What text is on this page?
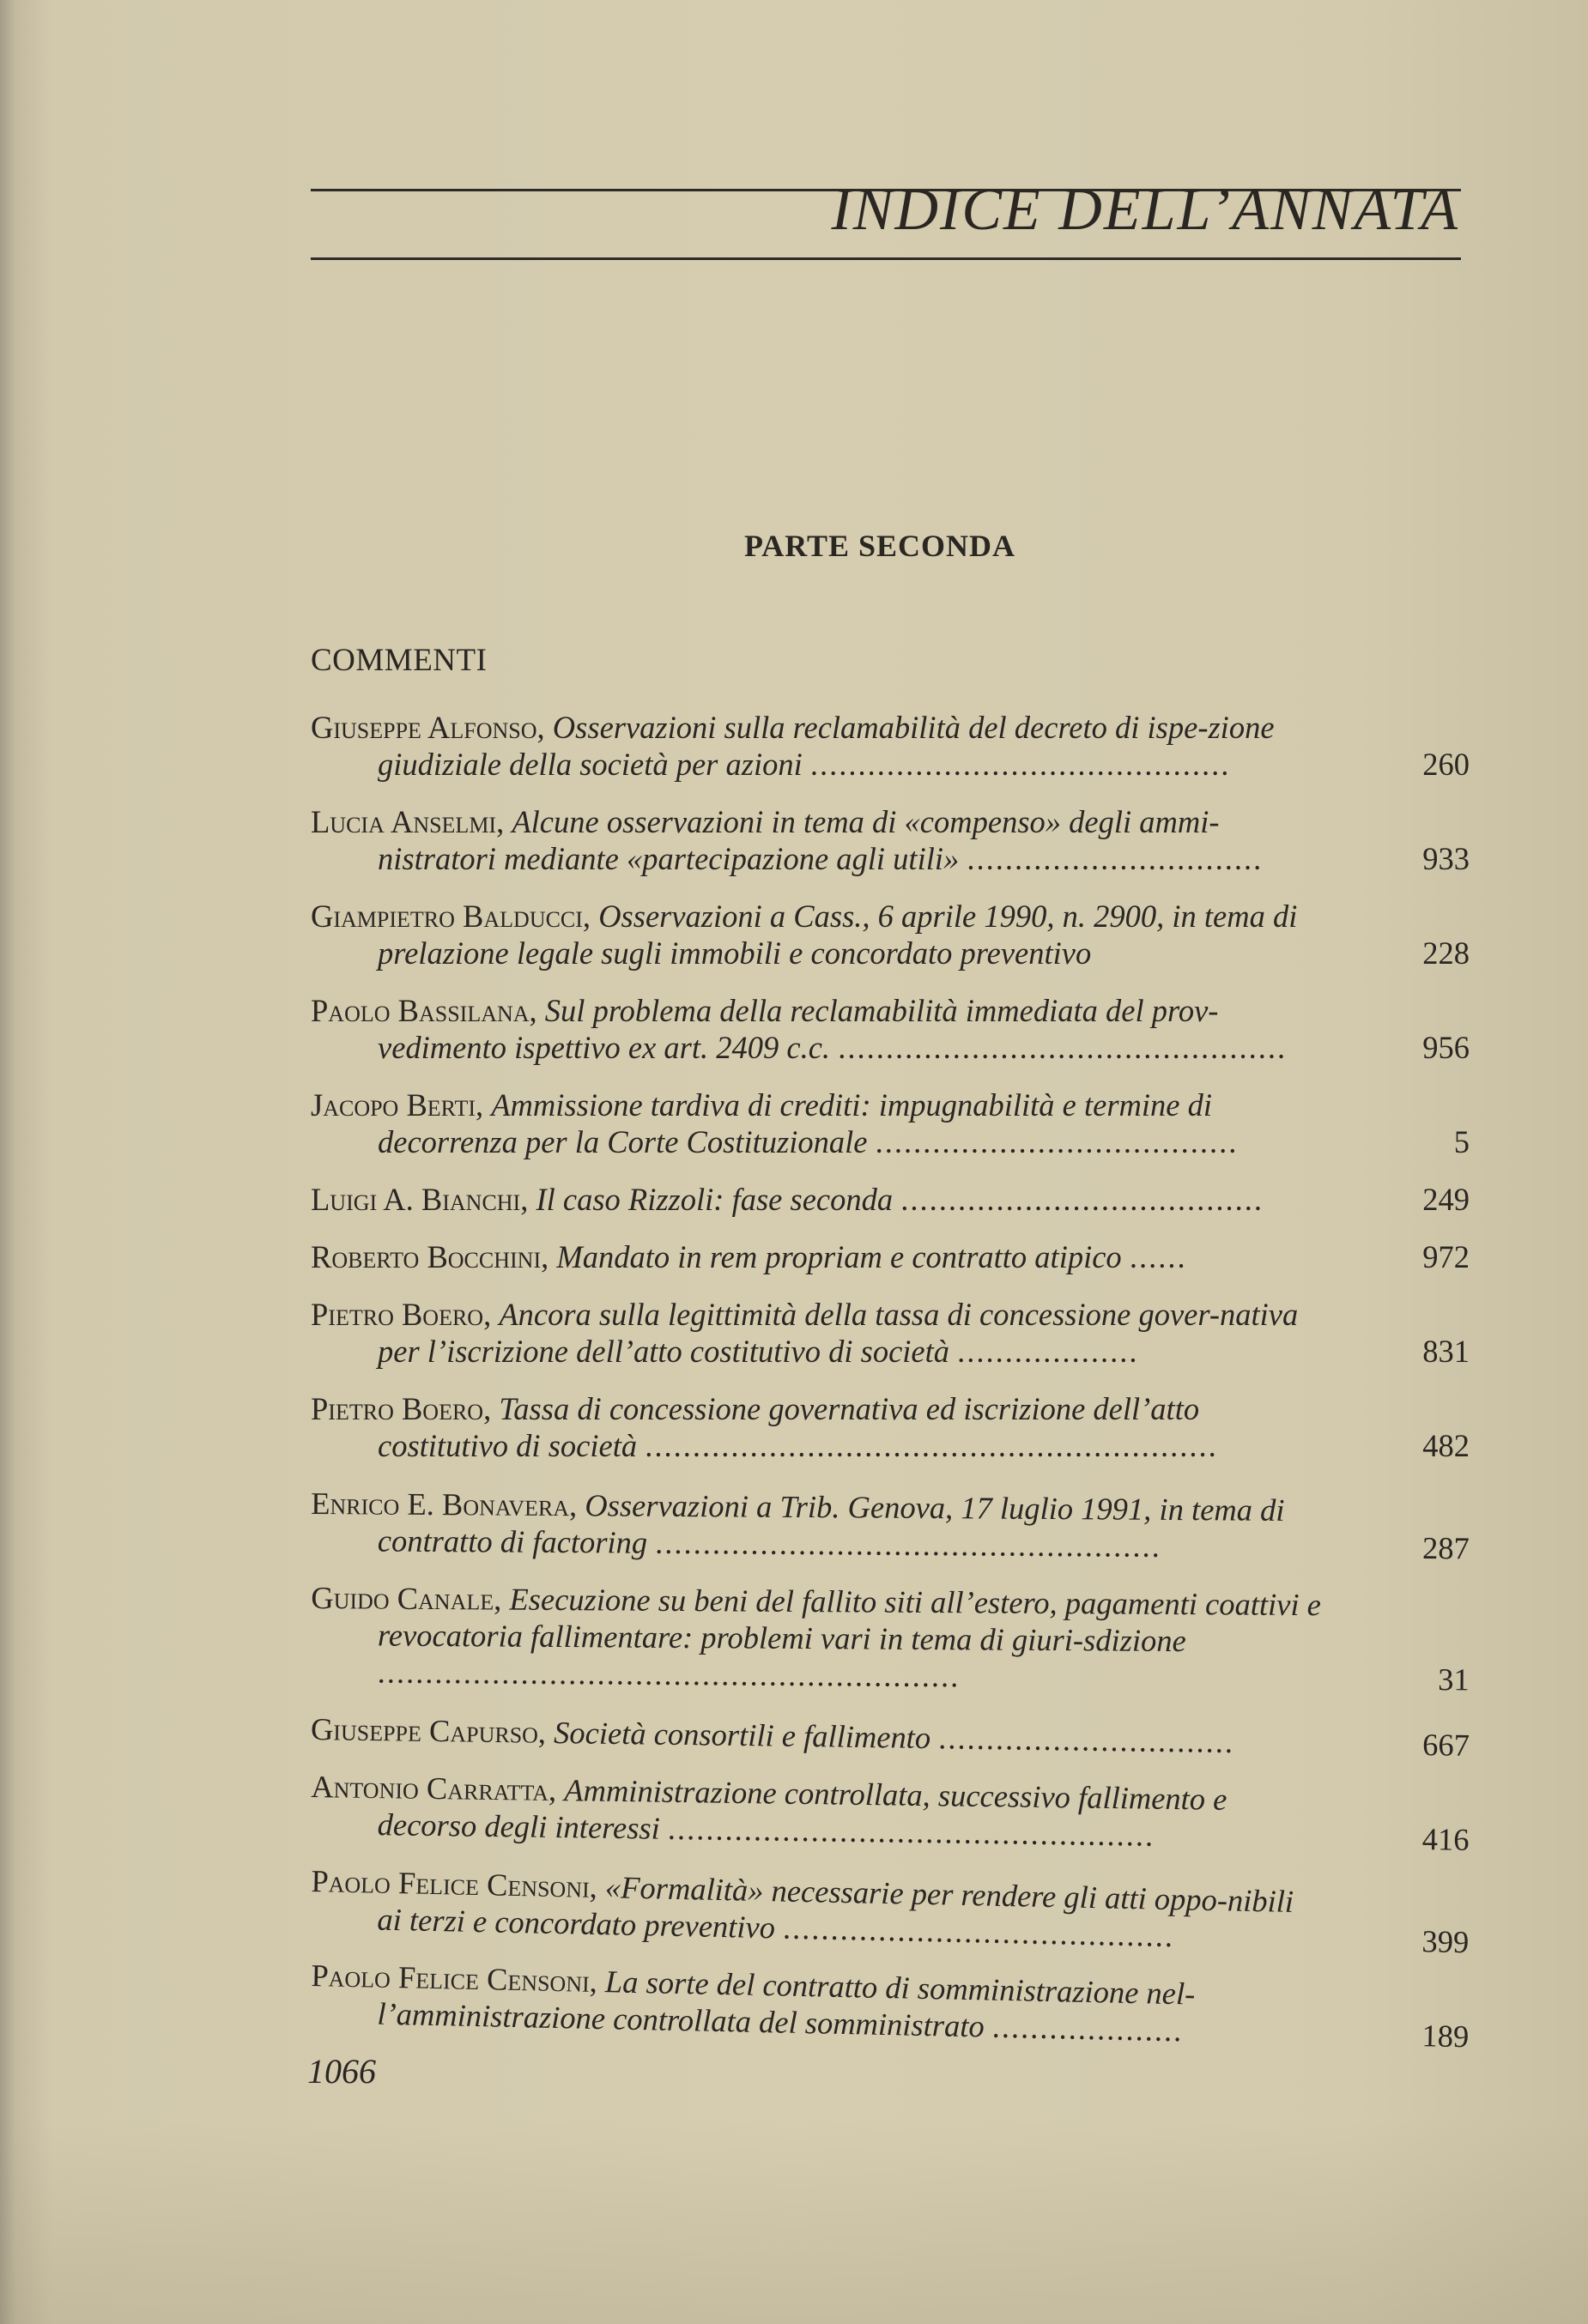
INDICE DELL’ANNATA
PARTE SECONDA
COMMENTI
Giuseppe Alfonso, Osservazioni sulla reclamabilità del decreto di ispe-zione giudiziale della società per azioni ............................................	260
Lucia Anselmi, Alcune osservazioni in tema di «compenso» degli ammi-nistratori mediante «partecipazione agli utili» ...............................	933
Giampietro Balducci, Osservazioni a Cass., 6 aprile 1990, n. 2900, in tema di prelazione legale sugli immobili e concordato preventivo	228
Paolo Bassilana, Sul problema della reclamabilità immediata del prov-vedimento ispettivo ex art. 2409 c.c. ...............................................	956
Jacopo Berti, Ammissione tardiva di crediti: impugnabilità e termine di decorrenza per la Corte Costituzionale ......................................	5
Luigi A. Bianchi, Il caso Rizzoli: fase seconda ......................................	249
Roberto Bocchini, Mandato in rem propriam e contratto atipico ......	972
Pietro Boero, Ancora sulla legittimità della tassa di concessione gover-nativa per l’iscrizione dell’atto costitutivo di società ...................	831
Pietro Boero, Tassa di concessione governativa ed iscrizione dell’atto costitutivo di società ............................................................	482
Enrico E. Bonavera, Osservazioni a Trib. Genova, 17 luglio 1991, in tema di contratto di factoring .....................................................	287
Guido Canale, Esecuzione su beni del fallito siti all’estero, pagamenti coattivi e revocatoria fallimentare: problemi vari in tema di giuri-sdizione .............................................................	31
Giuseppe Capurso, Società consortili e fallimento ...............................	667
Antonio Carratta, Amministrazione controllata, successivo fallimento e decorso degli interessi ...................................................	416
Paolo Felice Censoni, «Formalità» necessarie per rendere gli atti oppo-nibili ai terzi e concordato preventivo .........................................	399
Paolo Felice Censoni, La sorte del contratto di somministrazione nel-l’amministrazione controllata del somministrato ....................	189
1066
